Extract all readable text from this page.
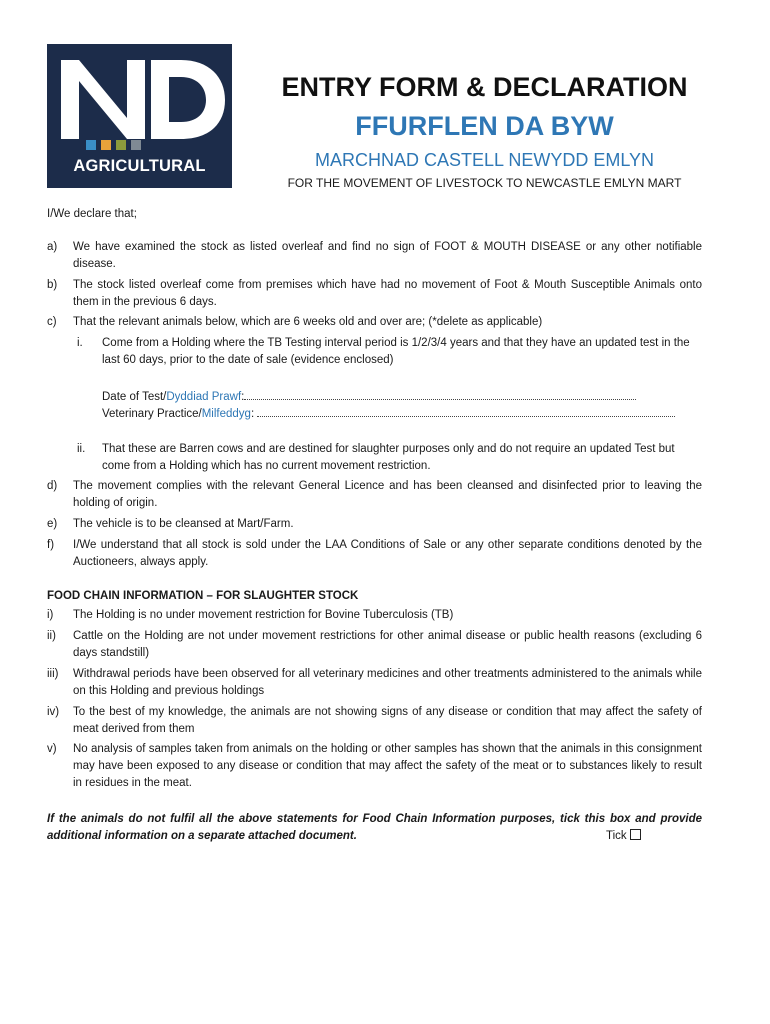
AGRICULTURAL
ENTRY FORM & DECLARATION
FFURFLEN DA BYW
MARCHNAD CASTELL NEWYDD EMLYN
FOR THE MOVEMENT OF LIVESTOCK TO NEWCASTLE EMLYN MART
I/We declare that;
a) We have examined the stock as listed overleaf and find no sign of FOOT & MOUTH DISEASE or any other notifiable disease.
b) The stock listed overleaf come from premises which have had no movement of Foot & Mouth Susceptible Animals onto them in the previous 6 days.
c) That the relevant animals below, which are 6 weeks old and over are; (*delete as applicable)
i. Come from a Holding where the TB Testing interval period is 1/2/3/4 years and that they have an updated test in the last 60 days, prior to the date of sale (evidence enclosed)
Date of Test/Dyddiad Prawf:
Veterinary Practice/Milfeddyg:
ii. That these are Barren cows and are destined for slaughter purposes only and do not require an updated Test but come from a Holding which has no current movement restriction.
d) The movement complies with the relevant General Licence and has been cleansed and disinfected prior to leaving the holding of origin.
e) The vehicle is to be cleansed at Mart/Farm.
f) I/We understand that all stock is sold under the LAA Conditions of Sale or any other separate conditions denoted by the Auctioneers, always apply.
FOOD CHAIN INFORMATION – FOR SLAUGHTER STOCK
i) The Holding is no under movement restriction for Bovine Tuberculosis (TB)
ii) Cattle on the Holding are not under movement restrictions for other animal disease or public health reasons (excluding 6 days standstill)
iii) Withdrawal periods have been observed for all veterinary medicines and other treatments administered to the animals while on this Holding and previous holdings
iv) To the best of my knowledge, the animals are not showing signs of any disease or condition that may affect the safety of meat derived from them
v) No analysis of samples taken from animals on the holding or other samples has shown that the animals in this consignment may have been exposed to any disease or condition that may affect the safety of the meat or to substances likely to result in residues in the meat.
If the animals do not fulfil all the above statements for Food Chain Information purposes, tick this box and provide additional information on a separate attached document.	Tick
